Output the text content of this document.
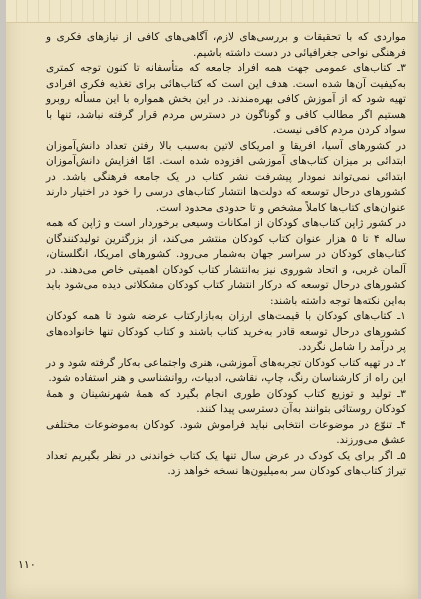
مواردی که با تحقیقات و بررسی‌های لازم، آگاهی‌های کافی از نیازهای فکری و فرهنگی نواحی جغرافیائی در دست داشته باشیم.

۳ـ کتاب‌های عمومی جهت همه افراد جامعه که متأسفانه تا کنون توجه کمتری به‌کیفیت آن‌ها شده است. هدف این است که کتاب‌هائی برای تغذیه فکری افرادی تهیه شود که از آموزش کافی بهره‌مندند. در این بخش همواره با این مسأله روبرو هستیم اگر مطالب کافی و گوناگون در دسترس مردم قرار گرفته نباشد، تنها با سواد کردن مردم کافی نیست.

در کشورهای آسیا، افریقا و امریکای لاتین به‌سبب بالا رفتن تعداد دانش‌آموزان ابتدائی بر میزان کتاب‌های آموزشی افزوده شده است. امّا افزایش دانش‌آموزان ابتدائی نمی‌تواند نمودار پیشرفت نشر کتاب در یک جامعه فرهنگی باشد. در کشورهای درحال توسعه که دولت‌ها انتشار کتاب‌های درسی را خود در اختیار دارند عنوان‌های کتاب‌ها کاملاً مشخص و تا حدودی محدود است.

در کشور ژاپن کتاب‌های کودکان از امکانات وسیعی برخوردار است و ژاپن که همه ساله ۴ تا ۵ هزار عنوان کتاب کودکان منتشر می‌کند، از بزرگترین تولیدکنندگان کتاب‌های کودکان در سراسر جهان به‌شمار می‌رود. کشورهای امریکا، انگلستان، آلمان غربی، و اتحاد شوروی نیز به‌انتشار کتاب کودکان اهمیتی خاص می‌دهند. در کشورهای درحال توسعه که درکار انتشار کتاب کودکان مشکلاتی دیده می‌شود باید به‌این نکته‌ها توجه داشته باشند:

۱ـ کتاب‌های کودکان با قیمت‌های ارزان به‌بازارکتاب عرضه شود تا همه کودکان کشورهای درحال توسعه قادر به‌خرید کتاب باشند و کتاب کودکان تنها خانواده‌های پر درآمد را شامل نگردد.

۲ـ در تهیه کتاب کودکان تجربه‌های آموزشی، هنری واجتماعی به‌کار گرفته شود و در این راه از کارشناسان رنگ، چاپ، نقاشی، ادبیات، روانشناسی و هنر استفاده شود.

۳ـ تولید و توزیع کتاب کودکان طوری انجام بگیرد که همهٔ شهرنشینان و همهٔ کودکان روستائی بتوانند به‌آن دسترسی پیدا کنند.

۴ـ تنوّع در موضوعات انتخابی نباید فراموش شود. کودکان به‌موضوعات مختلفی عشق می‌ورزند.

۵ـ اگر برای یک کودک در عرض سال تنها یک کتاب خواندنی در نظر بگیریم تعداد تیراژ کتاب‌های کودکان سر به‌میلیون‌ها نسخه خواهد زد.

۱۱۰
